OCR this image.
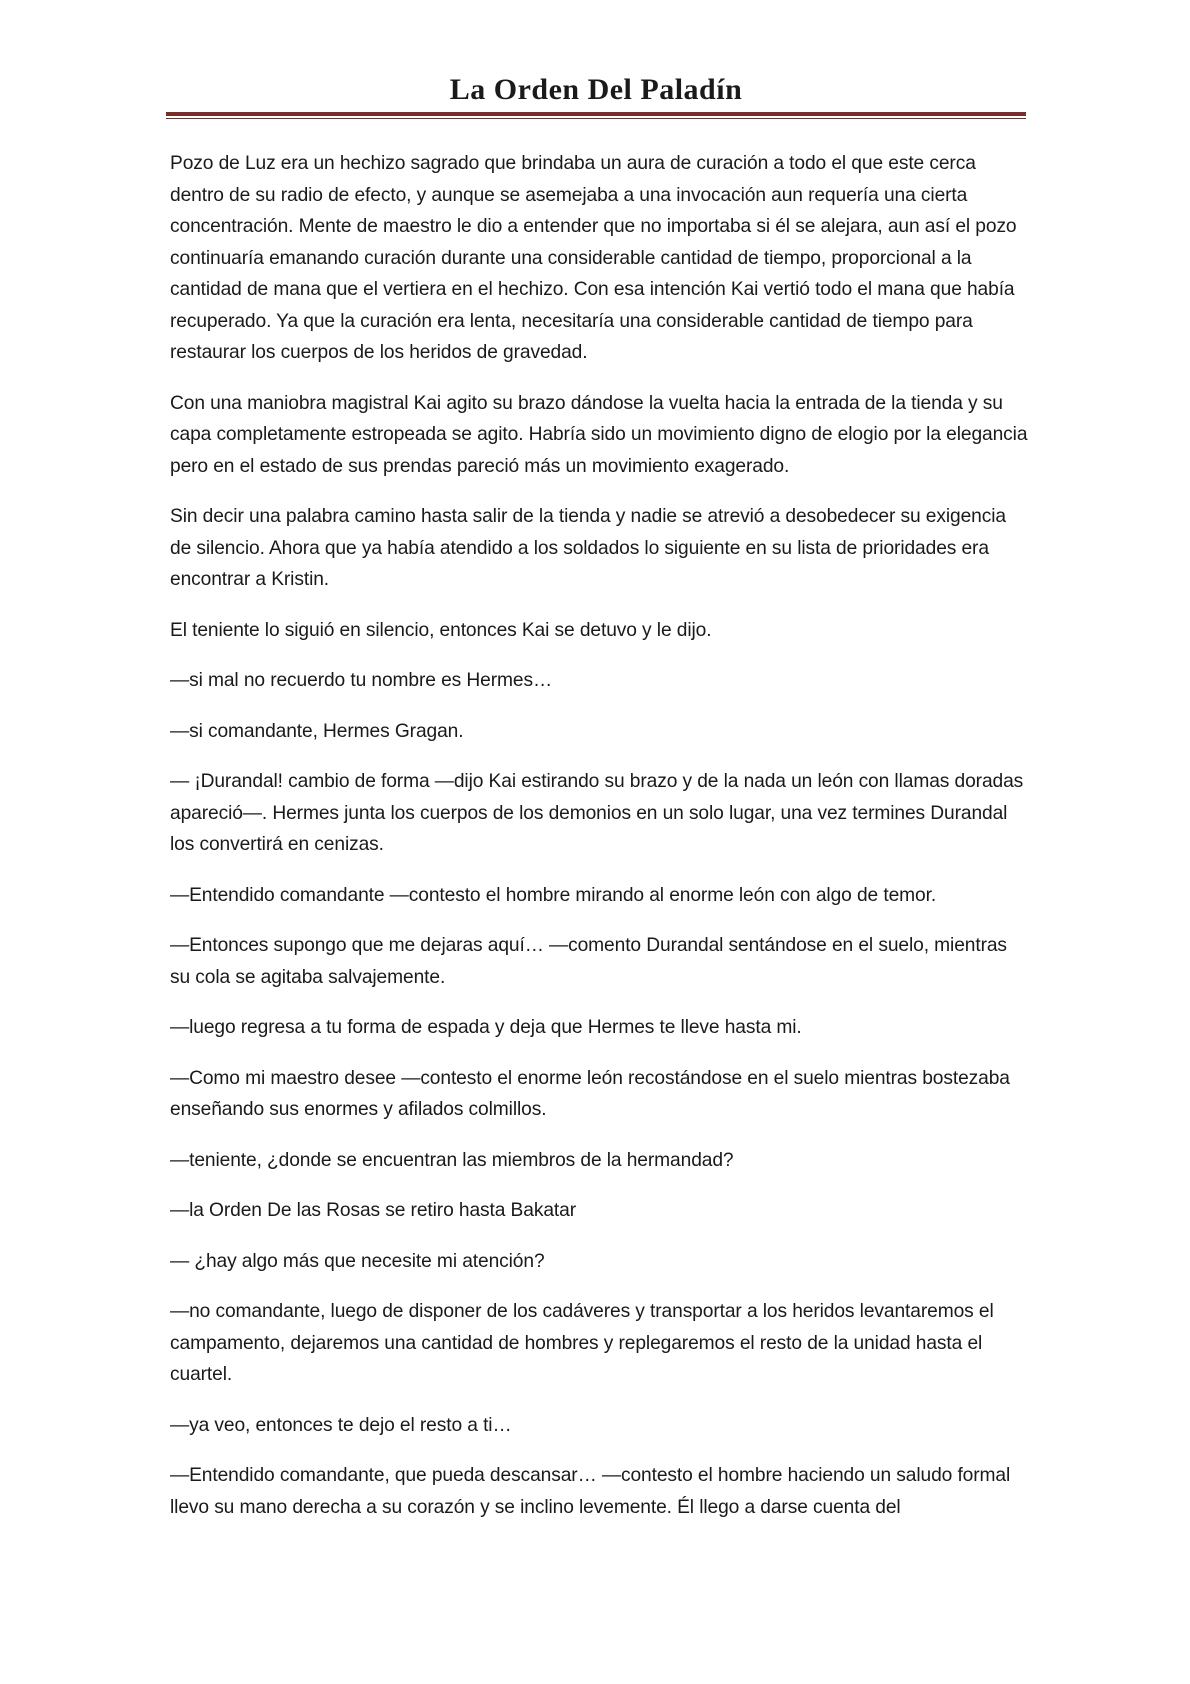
La Orden Del Paladín

Pozo de Luz era un hechizo sagrado que brindaba un aura de curación a todo el que este cerca dentro de su radio de efecto, y aunque se asemejaba a una invocación aun requería una cierta concentración. Mente de maestro le dio a entender que no importaba si él se alejara, aun así el pozo continuaría emanando curación durante una considerable cantidad de tiempo, proporcional a la cantidad de mana que el vertiera en el hechizo. Con esa intención Kai vertió todo el mana que había recuperado. Ya que la curación era lenta, necesitaría una considerable cantidad de tiempo para restaurar los cuerpos de los heridos de gravedad.

Con una maniobra magistral Kai agito su brazo dándose la vuelta hacia la entrada de la tienda y su capa completamente estropeada se agito. Habría sido un movimiento digno de elogio por la elegancia pero en el estado de sus prendas pareció más un movimiento exagerado.

Sin decir una palabra camino hasta salir de la tienda y nadie se atrevió a desobedecer su exigencia de silencio. Ahora que ya había atendido a los soldados lo siguiente en su lista de prioridades era encontrar a Kristin.

El teniente lo siguió en silencio, entonces Kai se detuvo y le dijo.

—si mal no recuerdo tu nombre es Hermes…

—si comandante, Hermes Gragan.

— ¡Durandal! cambio de forma —dijo Kai estirando su brazo y de la nada un león con llamas doradas apareció—. Hermes junta los cuerpos de los demonios en un solo lugar, una vez termines Durandal los convertirá en cenizas.

—Entendido comandante —contesto el hombre mirando al enorme león con algo de temor.

—Entonces supongo que me dejaras aquí… —comento Durandal sentándose en el suelo, mientras su cola se agitaba salvajemente.

—luego regresa a tu forma de espada y deja que Hermes te lleve hasta mi.

—Como mi maestro desee —contesto el enorme león recostándose en el suelo mientras bostezaba enseñando sus enormes y afilados colmillos.

—teniente, ¿donde se encuentran las miembros de la hermandad?

—la Orden De las Rosas se retiro hasta Bakatar

— ¿hay algo más que necesite mi atención?

—no comandante, luego de disponer de los cadáveres y transportar a los heridos levantaremos el campamento, dejaremos una cantidad de hombres y replegaremos el resto de la unidad hasta el cuartel.

—ya veo, entonces te dejo el resto a ti…

—Entendido comandante, que pueda descansar… —contesto el hombre haciendo un saludo formal llevo su mano derecha a su corazón y se inclino levemente. Él llego a darse cuenta del
